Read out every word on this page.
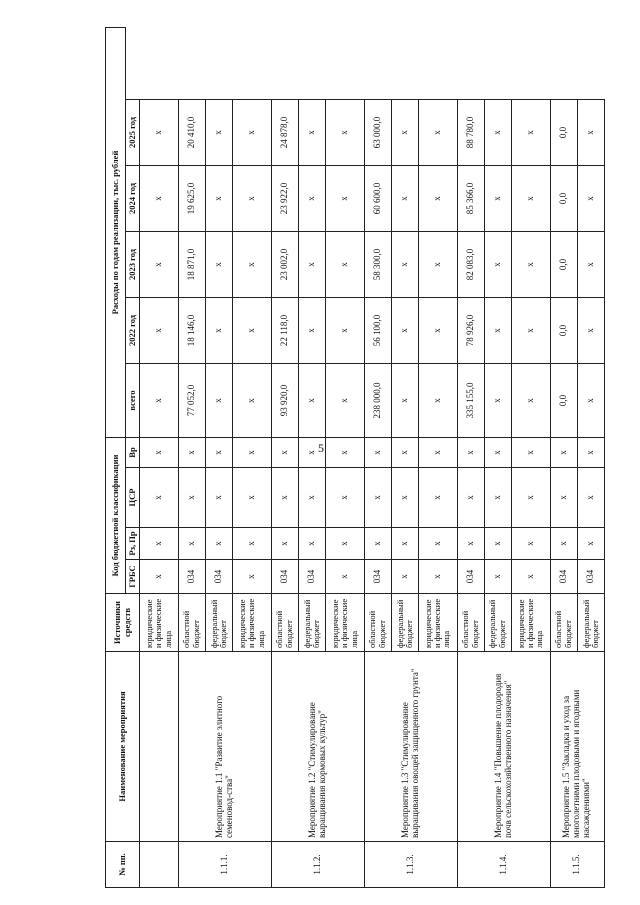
5
№ пп.	Наименование мероприятия	Источники средств	Код бюджетной классификации				Расходы по годам реализации, тыс. рублей				
			ГРБС	Рз, Пр	ЦСР	Вр	всего	2022 год	2023 год	2024 год	2025 год
		юридические и физические лица	х	х	х	х	х	х	х	х	х
1.1.1.	Мероприятие 1.1 "Развитие элитного семеновод-ства"	областной бюджет	034	х	х	х	77 052,0	18 146,0	18 871,0	19 625,0	20 410,0
		федеральный бюджет	034	х	х	х	х	х	х	х	х
		юридические и физические лица	х	х	х	х	х	х	х	х	х
1.1.2.	Мероприятие 1.2 "Стимулирование выращивания кормовых культур"	областной бюджет	034	х	х	х	93 920,0	22 118,0	23 002,0	23 922,0	24 878,0
		федеральный бюджет	034	х	х	х	х	х	х	х	х
		юридические и физические лица	х	х	х	х	х	х	х	х	х
1.1.3.	Мероприятие 1.3 "Стимулирование выращивания овощей защищенного грунта"	областной бюджет	034	х	х	х	238 000,0	56 100,0	58 300,0	60 600,0	63 000,0
		федеральный бюджет	х	х	х	х	х	х	х	х	х
		юридические и физические лица	х	х	х	х	х	х	х	х	х
1.1.4.	Мероприятие 1.4 "Повышение плодородия почв сельскохозяйственного назначения"	областной бюджет	034	х	х	х	335 155,0	78 926,0	82 083,0	85 366,0	88 780,0
		федеральный бюджет	х	х	х	х	х	х	х	х	х
		юридические и физические лица	х	х	х	х	х	х	х	х	х
1.1.5.	Мероприятие 1.5 "Закладка и уход за многолетними плодовыми и ягодными насаждениями"	областной бюджет	034	х	х	х	0,0	0,0	0,0	0,0	0,0
		федеральный бюджет	034	х	х	х	х	х	х	х	х
